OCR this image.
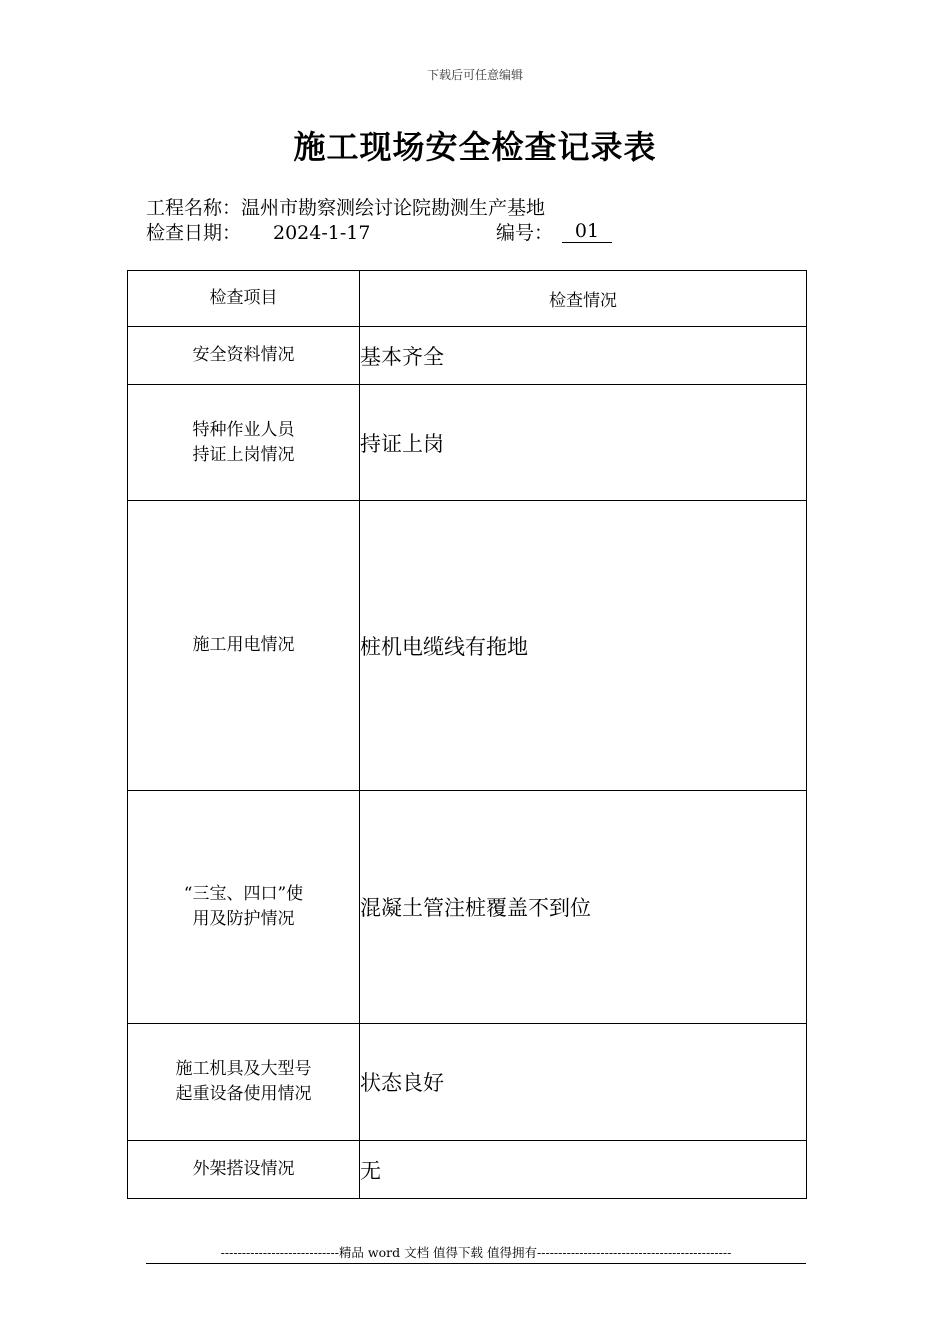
下载后可任意编辑
施工现场安全检查记录表
工程名称：温州市勘察测绘讨论院勘测生产基地
检查日期： 2024-1-17	编号：	01
检查项目	检查情况

安全资料情况	基本齐全

特种作业人员
持证上岗情况	持证上岗

施工用电情况	桩机电缆线有拖地

“三宝、四口”使
用及防护情况	混凝土管注桩覆盖不到位

施工机具及大型号
起重设备使用情况	状态良好

外架搭设情况	无
----------------------------精品 word 文档 值得下载 值得拥有----------------------------------------------
